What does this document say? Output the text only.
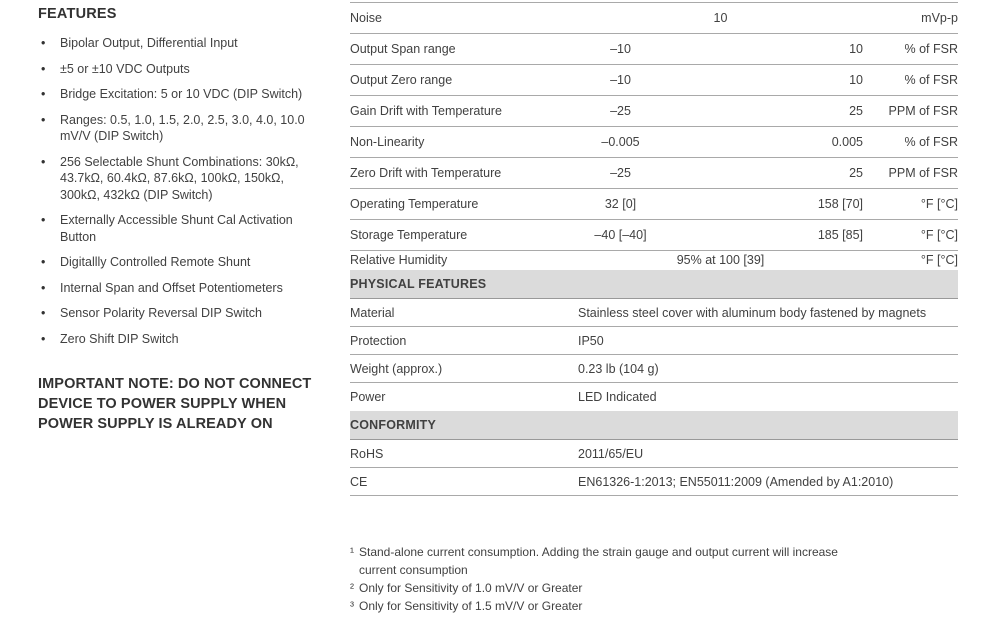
FEATURES
• Bipolar Output, Differential Input
• ±5 or ±10 VDC Outputs
• Bridge Excitation: 5 or 10 VDC (DIP Switch)
• Ranges: 0.5, 1.0, 1.5, 2.0, 2.5, 3.0, 4.0, 10.0
mV/V (DIP Switch)
• 256 Selectable Shunt Combinations: 30kΩ,
43.7kΩ, 60.4kΩ, 87.6kΩ, 100kΩ, 150kΩ,
300kΩ, 432kΩ (DIP Switch)
• Externally Accessible Shunt Cal Activation
Button
• Digitallly Controlled Remote Shunt
• Internal Span and Offset Potentiometers
• Sensor Polarity Reversal DIP Switch
• Zero Shift DIP Switch
IMPORTANT NOTE: DO NOT CONNECT
DEVICE TO POWER SUPPLY WHEN
POWER SUPPLY IS ALREADY ON
Noise	10		mVp-p
Output Span range	–10	10	% of FSR
Output Zero range	–10	10	% of FSR
Gain Drift with Temperature	–25	25	PPM of FSR
Non-Linearity	–0.005	0.005	% of FSR
Zero Drift with Temperature	–25	25	PPM of FSR
Operating Temperature	32 [0]	158 [70]	°F [°C]
Storage Temperature	–40 [–40]	185 [85]	°F [°C]
Relative Humidity	95% at 100 [39]		°F [°C]
PHYSICAL FEATURES			
Material	Stainless steel cover with aluminum body fastened by magnets		
Protection	IP50		
Weight (approx.)	0.23 lb (104 g)		
Power	LED Indicated		
CONFORMITY			
RoHS	2011/65/EU		
CE	EN61326-1:2013; EN55011:2009 (Amended by A1:2010)		
¹ Stand-alone current consumption. Adding the strain gauge and output current will increase
current consumption
² Only for Sensitivity of 1.0 mV/V or Greater
³ Only for Sensitivity of 1.5 mV/V or Greater
